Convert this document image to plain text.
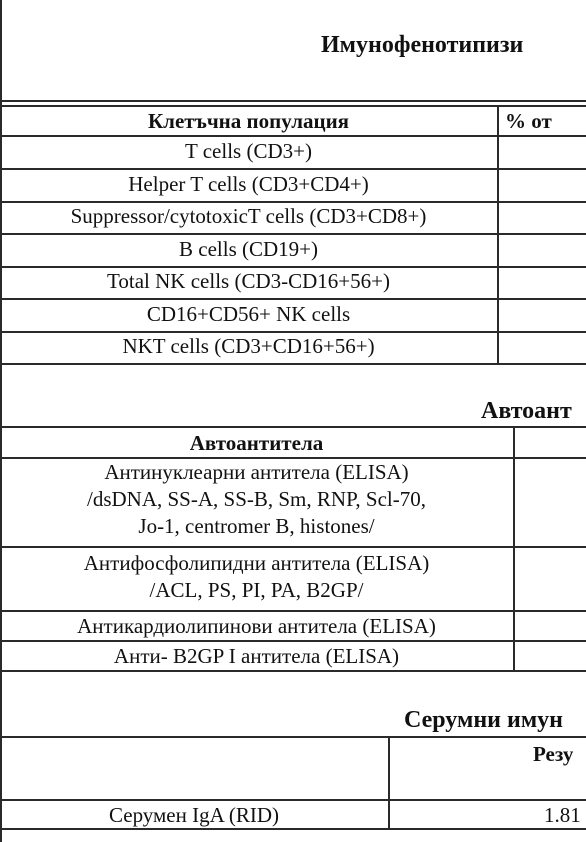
Имунофенотипизи
Клетъчна популация	% от
T cells (CD3+)
Helper T cells (CD3+CD4+)
Suppressor/cytotoxicT cells (CD3+CD8+)
B cells (CD19+)
Total NK cells (CD3-CD16+56+)
CD16+CD56+ NK cells
NKT cells (CD3+CD16+56+)
Автоант
Автоантитела
Антинуклеарни антитела (ELISA)
/dsDNA, SS-A, SS-B, Sm, RNP, Scl-70,
Jo-1, centromer B, histones/
Антифосфолипидни антитела (ELISA)
/ACL, PS, PI, PA, B2GP/
Антикардиолипинови антитела (ELISA)
Анти- B2GP I антитела (ELISA)
Серумни имун
Резу
Серумен IgA (RID)	1.81
